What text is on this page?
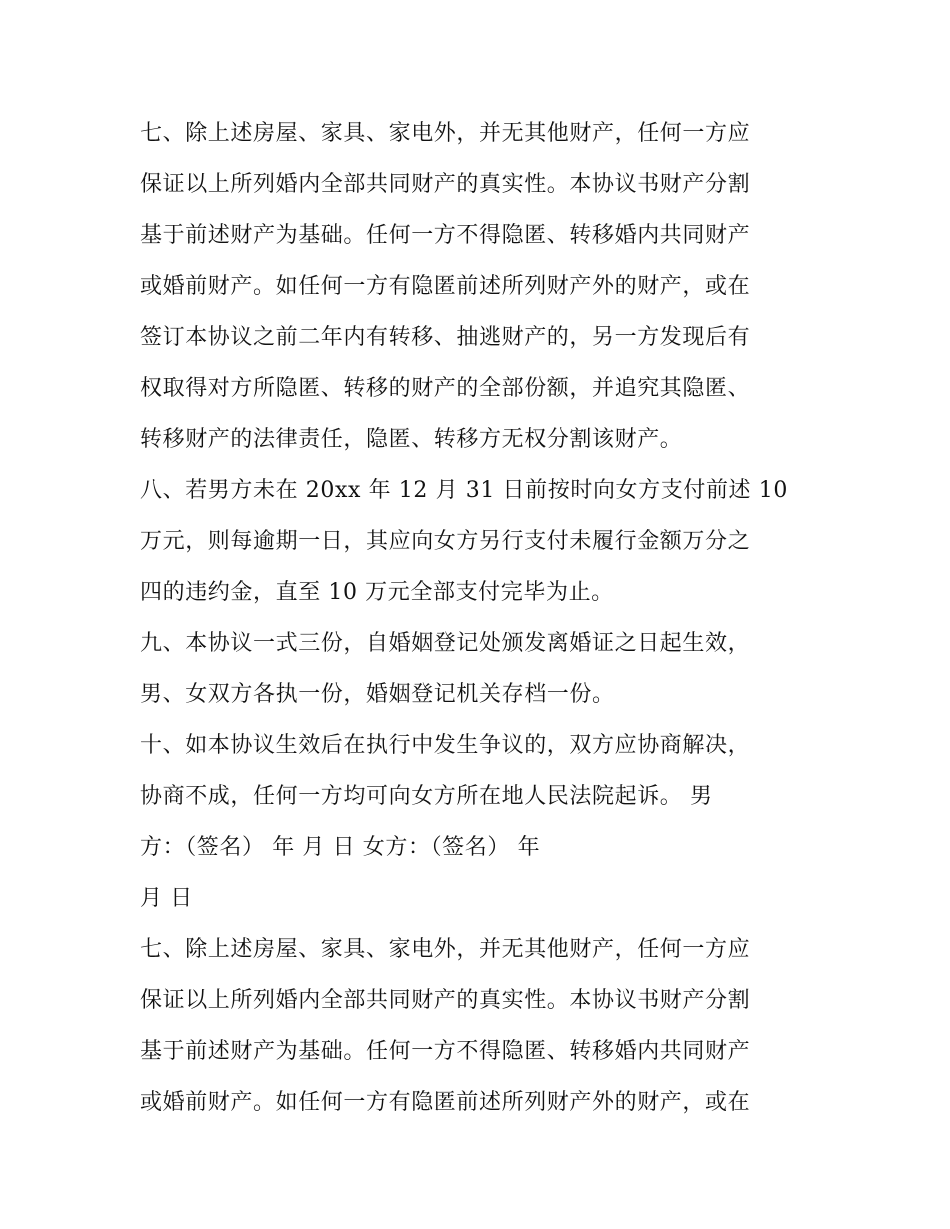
七、除上述房屋、家具、家电外，并无其他财产，任何一方应
保证以上所列婚内全部共同财产的真实性。本协议书财产分割
基于前述财产为基础。任何一方不得隐匿、转移婚内共同财产
或婚前财产。如任何一方有隐匿前述所列财产外的财产，或在
签订本协议之前二年内有转移、抽逃财产的，另一方发现后有
权取得对方所隐匿、转移的财产的全部份额，并追究其隐匿、
转移财产的法律责任，隐匿、转移方无权分割该财产。
八、若男方未在 20xx 年 12 月 31 日前按时向女方支付前述 10
万元，则每逾期一日，其应向女方另行支付未履行金额万分之
四的违约金，直至 10 万元全部支付完毕为止。
九、本协议一式三份，自婚姻登记处颁发离婚证之日起生效，
男、女双方各执一份，婚姻登记机关存档一份。
十、如本协议生效后在执行中发生争议的，双方应协商解决，
协商不成，任何一方均可向女方所在地人民法院起诉。 男
方：（签名） 年 月 日 女方：（签名） 年
月 日
七、除上述房屋、家具、家电外，并无其他财产，任何一方应
保证以上所列婚内全部共同财产的真实性。本协议书财产分割
基于前述财产为基础。任何一方不得隐匿、转移婚内共同财产
或婚前财产。如任何一方有隐匿前述所列财产外的财产，或在
